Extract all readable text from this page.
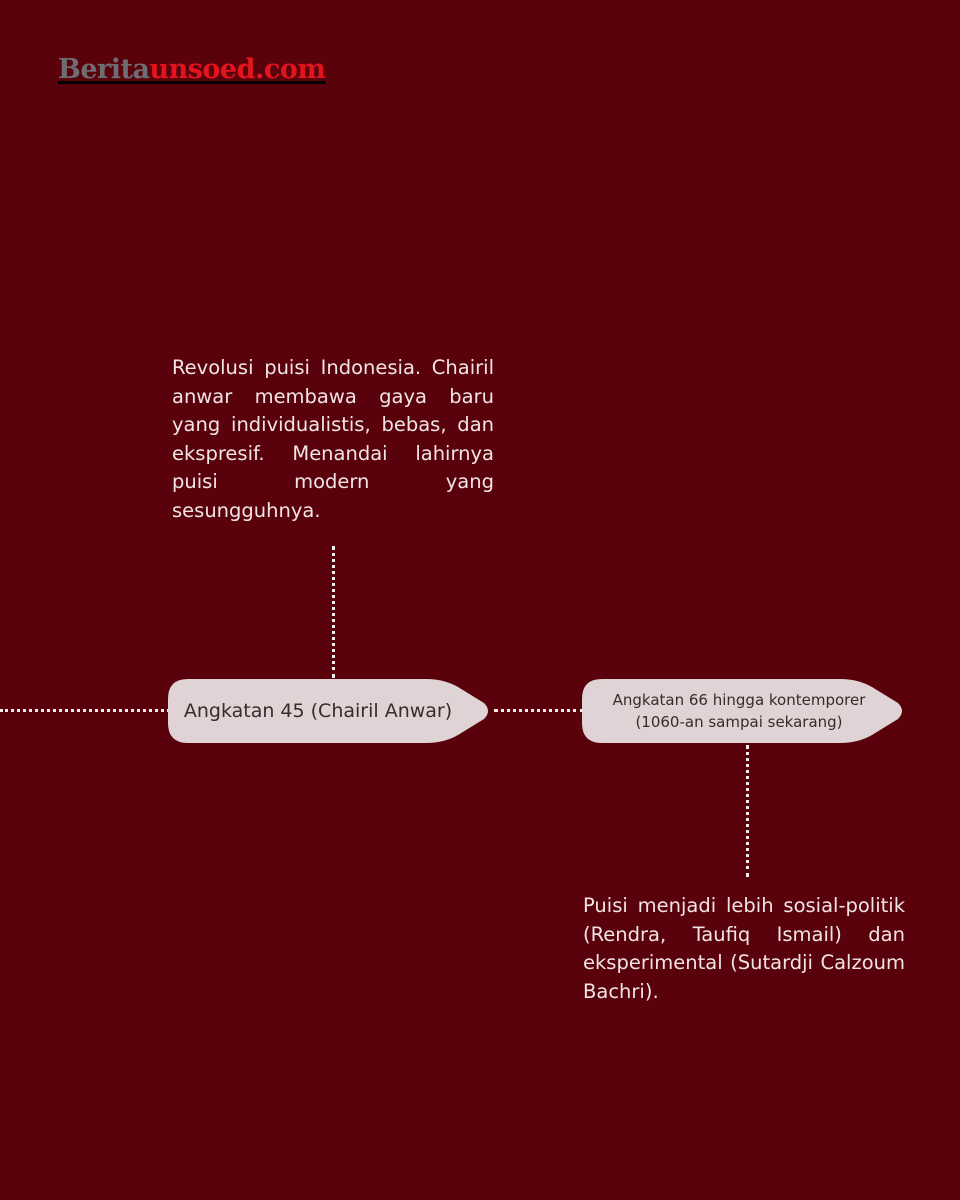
Beritaunsoed.com
Revolusi puisi Indonesia. Chairil anwar membawa gaya baru yang individualistis, bebas, dan ekspresif. Menandai lahirnya puisi modern yang sesungguhnya.
Angkatan 45 (Chairil Anwar)	Angkatan 66 hingga kontemporer
(1060-an sampai sekarang)
Puisi menjadi lebih sosial-politik (Rendra, Taufiq Ismail) dan eksperimental (Sutardji Calzoum Bachri).
